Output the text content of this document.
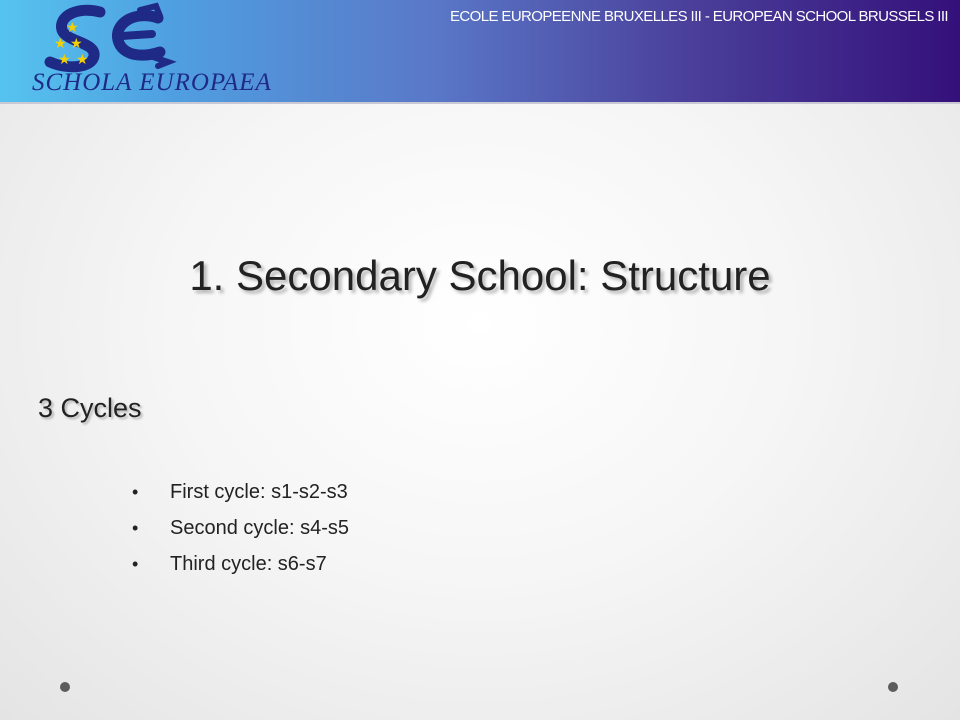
★
★ ★
★ ★
SCHOLA EUROPAEA
ECOLE EUROPEENNE BRUXELLES III - EUROPEAN SCHOOL BRUSSELS III
1. Secondary School: Structure
3 Cycles
•	First cycle: s1-s2-s3
•	Second cycle: s4-s5
•	Third cycle: s6-s7
